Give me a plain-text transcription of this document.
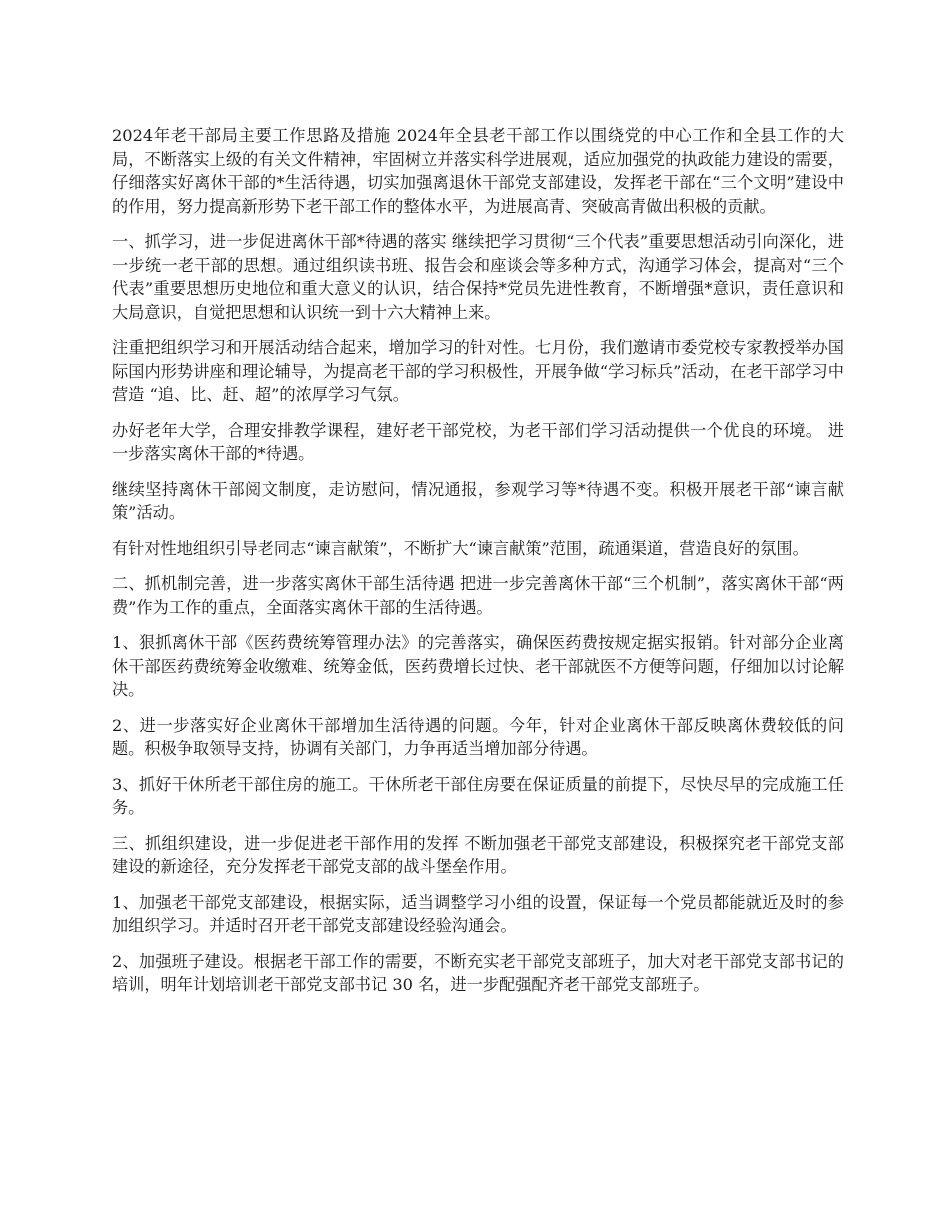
2024年老干部局主要工作思路及措施 2024年全县老干部工作以围绕党的中心工作和全县工作的大局，不断落实上级的有关文件精神，牢固树立并落实科学进展观，适应加强党的执政能力建设的需要，仔细落实好离休干部的*生活待遇，切实加强离退休干部党支部建设，发挥老干部在“三个文明”建设中的作用，努力提高新形势下老干部工作的整体水平，为进展高青、突破高青做出积极的贡献。

一、抓学习，进一步促进离休干部*待遇的落实 继续把学习贯彻“三个代表”重要思想活动引向深化，进一步统一老干部的思想。通过组织读书班、报告会和座谈会等多种方式，沟通学习体会，提高对“三个代表”重要思想历史地位和重大意义的认识，结合保持*党员先进性教育，不断增强*意识，责任意识和大局意识，自觉把思想和认识统一到十六大精神上来。

注重把组织学习和开展活动结合起来，增加学习的针对性。七月份，我们邀请市委党校专家教授举办国际国内形势讲座和理论辅导，为提高老干部的学习积极性，开展争做“学习标兵”活动，在老干部学习中营造 “追、比、赶、超”的浓厚学习气氛。

办好老年大学，合理安排教学课程，建好老干部党校，为老干部们学习活动提供一个优良的环境。 进一步落实离休干部的*待遇。

继续坚持离休干部阅文制度，走访慰问，情况通报，参观学习等*待遇不变。积极开展老干部“谏言献策”活动。

有针对性地组织引导老同志“谏言献策”，不断扩大“谏言献策”范围，疏通渠道，营造良好的氛围。

二、抓机制完善，进一步落实离休干部生活待遇 把进一步完善离休干部“三个机制”，落实离休干部“两费”作为工作的重点，全面落实离休干部的生活待遇。

1、狠抓离休干部《医药费统筹管理办法》的完善落实，确保医药费按规定据实报销。针对部分企业离休干部医药费统筹金收缴难、统筹金低，医药费增长过快、老干部就医不方便等问题，仔细加以讨论解决。

2、进一步落实好企业离休干部增加生活待遇的问题。今年，针对企业离休干部反映离休费较低的问题。积极争取领导支持，协调有关部门，力争再适当增加部分待遇。

3、抓好干休所老干部住房的施工。干休所老干部住房要在保证质量的前提下，尽快尽早的完成施工任务。

三、抓组织建设，进一步促进老干部作用的发挥 不断加强老干部党支部建设，积极探究老干部党支部建设的新途径，充分发挥老干部党支部的战斗堡垒作用。

1、加强老干部党支部建设，根据实际，适当调整学习小组的设置，保证每一个党员都能就近及时的参加组织学习。并适时召开老干部党支部建设经验沟通会。

2、加强班子建设。根据老干部工作的需要，不断充实老干部党支部班子，加大对老干部党支部书记的培训，明年计划培训老干部党支部书记 30 名，进一步配强配齐老干部党支部班子。
